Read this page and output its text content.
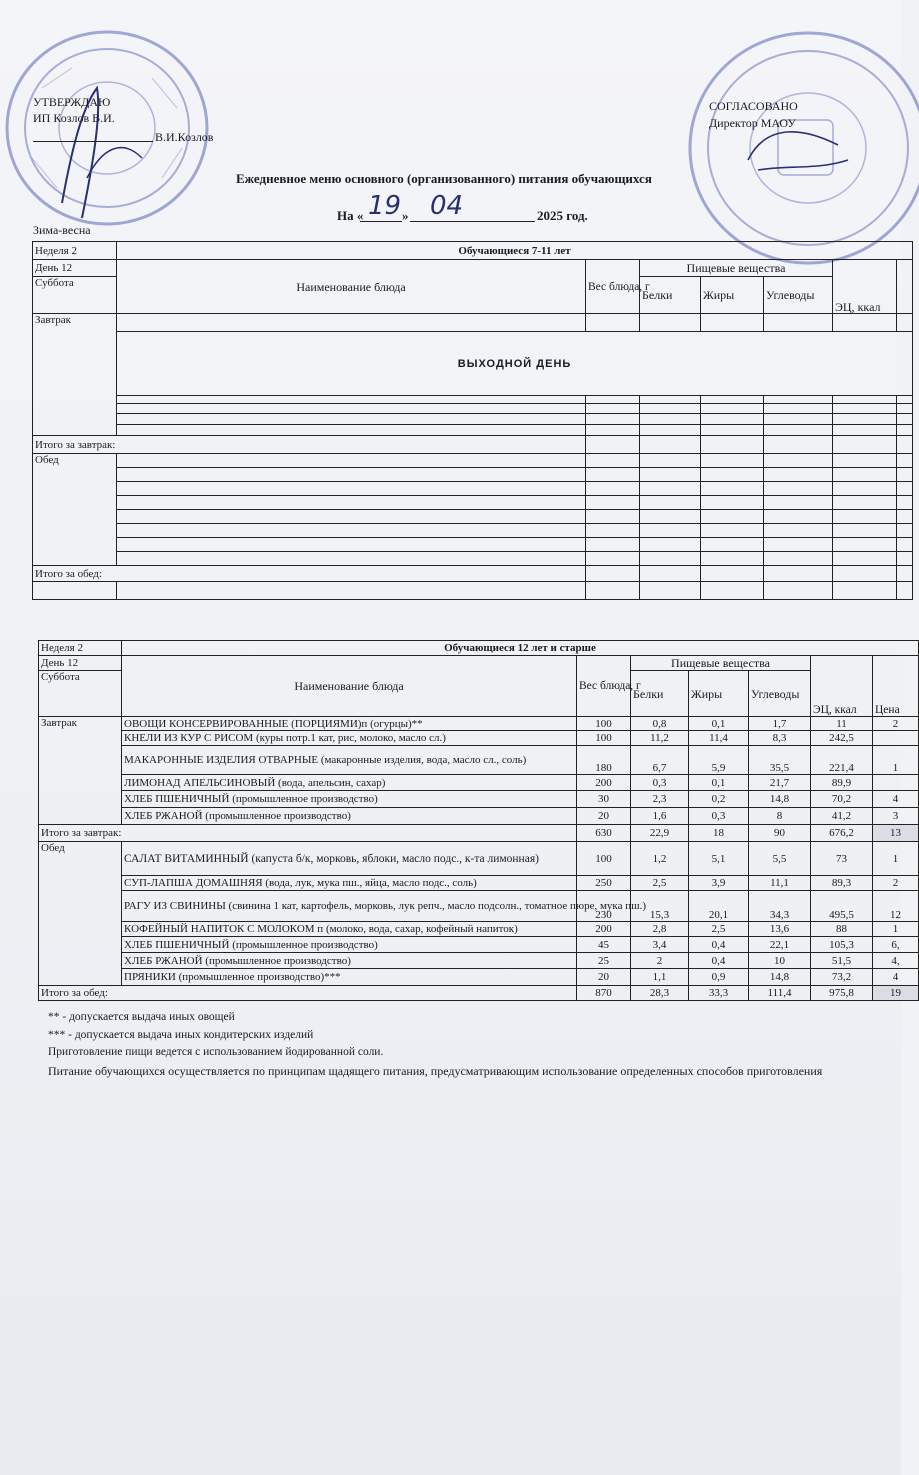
УТВЕРЖДАЮ
ИП Козлов В.И.
В.И.Козлов
СОГЛАСОВАНО
Директор МАОУ
Ежедневное меню основного (организованного) питания обучающихся
На « 19 » 04	2025 год.
Зима-весна
Неделя 2	Обучающиеся 7-11 лет						
День 12	Наименование блюда	Вес блюда, г	Пищевые вещества			ЭЦ, ккал	
Суббота			Белки	Жиры	Углеводы		

Завтрак							
	ВЫХОДНОЙ ДЕНЬ						

Итого за завтрак:							
Обед							

Итого за обед:							

Неделя 2	Обучающиеся 12 лет и старше						
День 12	Наименование блюда	Вес блюда, г	Пищевые вещества			ЭЦ, ккал	Цена
Суббота			Белки	Жиры	Углеводы		

Завтрак	ОВОЩИ КОНСЕРВИРОВАННЫЕ (ПОРЦИЯМИ)п (огурцы)**	100	0,8	0,1	1,7	11	2
	КНЕЛИ ИЗ КУР С РИСОМ (куры потр.1 кат, рис, молоко, масло сл.)	100	11,2	11,4	8,3	242,5	
	МАКАРОННЫЕ ИЗДЕЛИЯ ОТВАРНЫЕ (макаронные изделия, вода, масло сл., соль)	180	6,7	5,9	35,5	221,4	1
	ЛИМОНАД АПЕЛЬСИНОВЫЙ (вода, апельсин, сахар)	200	0,3	0,1	21,7	89,9	
	ХЛЕБ ПШЕНИЧНЫЙ (промышленное производство)	30	2,3	0,2	14,8	70,2	4
	ХЛЕБ РЖАНОЙ (промышленное производство)	20	1,6	0,3	8	41,2	3
Итого за завтрак:		630	22,9	18	90	676,2	13
Обед	САЛАТ ВИТАМИННЫЙ (капуста б/к, морковь, яблоки, масло подс., к-та лимонная)	100	1,2	5,1	5,5	73	1
	СУП-ЛАПША ДОМАШНЯЯ (вода, лук, мука пш., яйца, масло подс., соль)	250	2,5	3,9	11,1	89,3	2
	РАГУ ИЗ СВИНИНЫ (свинина 1 кат, картофель, морковь, лук репч., масло подсолн., томатное пюре, мука пш.)	230	15,3	20,1	34,3	495,5	12
	КОФЕЙНЫЙ НАПИТОК С МОЛОКОМ п (молоко, вода, сахар, кофейный напиток)	200	2,8	2,5	13,6	88	1
	ХЛЕБ ПШЕНИЧНЫЙ (промышленное производство)	45	3,4	0,4	22,1	105,3	6,
	ХЛЕБ РЖАНОЙ (промышленное производство)	25	2	0,4	10	51,5	4,
	ПРЯНИКИ (промышленное производство)***	20	1,1	0,9	14,8	73,2	4
Итого за обед:		870	28,3	33,3	111,4	975,8	19
** - допускается выдача иных овощей
*** - допускается выдача иных кондитерских изделий
Приготовление пищи ведется с использованием йодированной соли.
Питание обучающихся осуществляется по принципам щадящего питания, предусматривающим использование определенных способов приготовления
